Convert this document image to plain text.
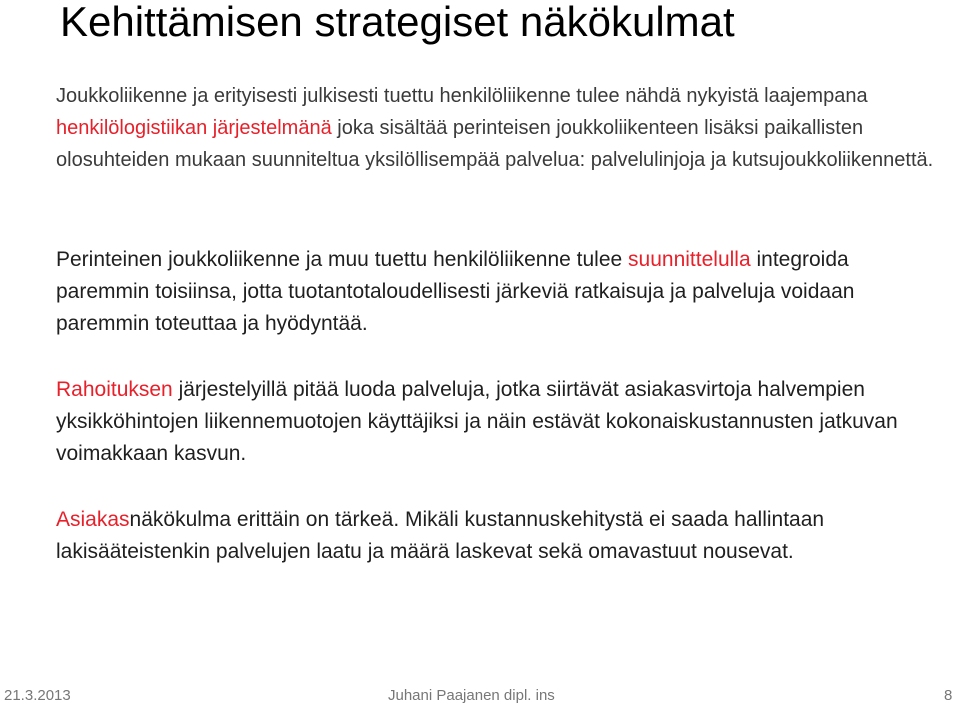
Kehittämisen strategiset näkökulmat

Joukkoliikenne ja erityisesti julkisesti tuettu henkilöliikenne tulee nähdä nykyistä laajempana henkilölogistiikan järjestelmänä joka sisältää perinteisen joukkoliikenteen lisäksi paikallisten olosuhteiden mukaan suunniteltua yksilöllisempää palvelua: palvelulinjoja ja kutsujoukkoliikennettä.

Perinteinen joukkoliikenne ja muu tuettu henkilöliikenne tulee suunnittelulla integroida paremmin toisiinsa, jotta tuotantotaloudellisesti järkeviä ratkaisuja ja palveluja voidaan paremmin toteuttaa ja hyödyntää.

Rahoituksen järjestelyillä pitää luoda palveluja, jotka siirtävät asiakasvirtoja halvempien yksikköhintojen liikennemuotojen käyttäjiksi ja näin estävät kokonaiskustannusten jatkuvan voimakkaan kasvun.

Asiakasnäkökulma erittäin on tärkeä. Mikäli kustannuskehitystä ei saada hallintaan lakisääteistenkin palvelujen laatu ja määrä laskevat sekä omavastuut nousevat.

21.3.2013	Juhani Paajanen dipl. ins	8
